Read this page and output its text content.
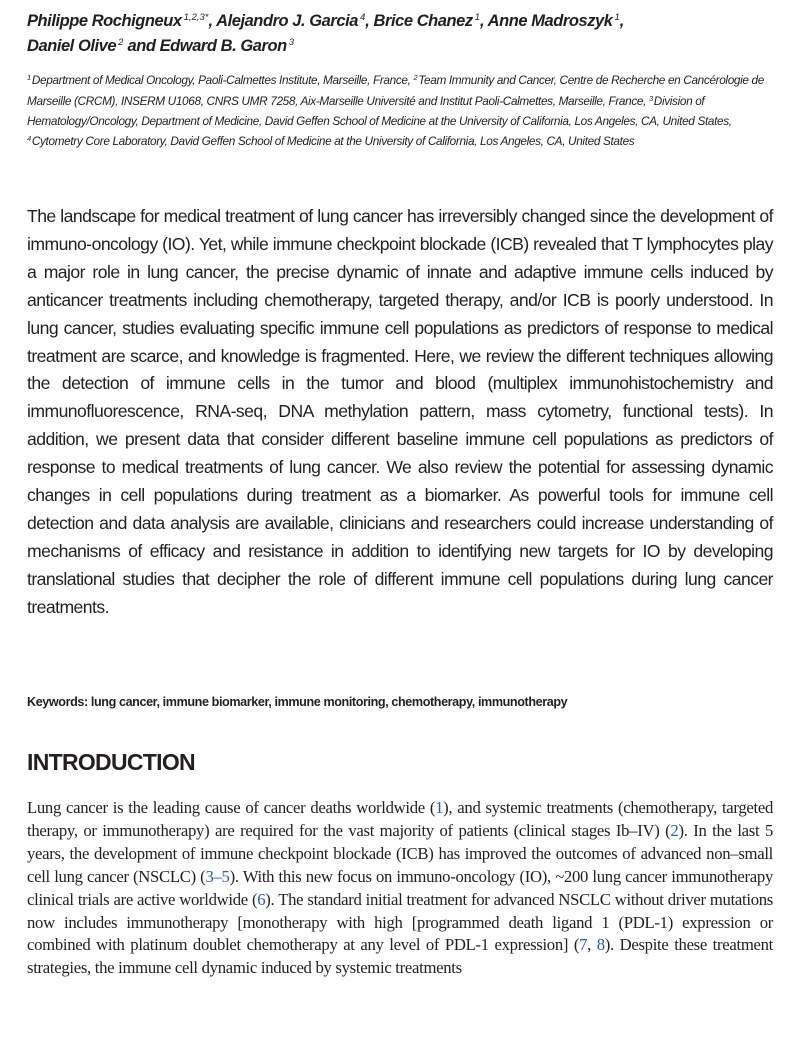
Philippe Rochigneux $^{1,2,3*}$, Alejandro J. Garcia $^4$, Brice Chanez $^1$, Anne Madroszyk $^1$,
Daniel Olive $^2$ and Edward B. Garon $^3$
$^1$Department of Medical Oncology, Paoli-Calmettes Institute, Marseille, France, $^2$Team Immunity and Cancer, Centre de Recherche en Cancérologie de Marseille (CRCM), INSERM U1068, CNRS UMR 7258, Aix-Marseille Université and Institut Paoli-Calmettes, Marseille, France, $^3$Division of Hematology/Oncology, Department of Medicine, David Geffen School of Medicine at the University of California, Los Angeles, CA, United States, $^4$Cytometry Core Laboratory, David Geffen School of Medicine at the University of California, Los Angeles, CA, United States

The landscape for medical treatment of lung cancer has irreversibly changed since the development of immuno-oncology (IO). Yet, while immune checkpoint blockade (ICB) revealed that T lymphocytes play a major role in lung cancer, the precise dynamic of innate and adaptive immune cells induced by anticancer treatments including chemotherapy, targeted therapy, and/or ICB is poorly understood. In lung cancer, studies evaluating specific immune cell populations as predictors of response to medical treatment are scarce, and knowledge is fragmented. Here, we review the different techniques allowing the detection of immune cells in the tumor and blood (multiplex immunohistochemistry and immunofluorescence, RNA-seq, DNA methylation pattern, mass cytometry, functional tests). In addition, we present data that consider different baseline immune cell populations as predictors of response to medical treatments of lung cancer. We also review the potential for assessing dynamic changes in cell populations during treatment as a biomarker. As powerful tools for immune cell detection and data analysis are available, clinicians and researchers could increase understanding of mechanisms of efficacy and resistance in addition to identifying new targets for IO by developing translational studies that decipher the role of different immune cell populations during lung cancer treatments.

Keywords: lung cancer, immune biomarker, immune monitoring, chemotherapy, immunotherapy
INTRODUCTION

Lung cancer is the leading cause of cancer deaths worldwide (1), and systemic treatments (chemotherapy, targeted therapy, or immunotherapy) are required for the vast majority of patients (clinical stages Ib–IV) (2). In the last 5 years, the development of immune checkpoint blockade (ICB) has improved the outcomes of advanced non–small cell lung cancer (NSCLC) (3–5). With this new focus on immuno-oncology (IO), ~200 lung cancer immunotherapy clinical trials are active worldwide (6). The standard initial treatment for advanced NSCLC without driver mutations now includes immunotherapy [monotherapy with high [programmed death ligand 1 (PDL-1) expression or combined with platinum doublet chemotherapy at any level of PDL-1 expression] (7, 8). Despite these treatment strategies, the immune cell dynamic induced by systemic treatments
